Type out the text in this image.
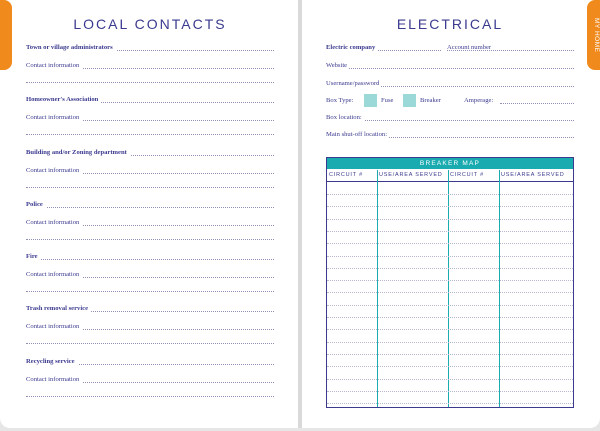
MY HOME
LOCAL CONTACTS
Town or village administrators
Contact information
Homeowner's Association
Contact information
Building and/or Zoning department
Contact information
Police
Contact information
Fire
Contact information
Trash removal service
Contact information
Recycling service
Contact information
ELECTRICAL
Electric company	Account number
Website
Username/password
Box Type:	Fuse	Breaker	Amperage:
Box location:
Main shut-off location:
BREAKER MAP
CIRCUIT #	USE/AREA SERVED	CIRCUIT #	USE/AREA SERVED
